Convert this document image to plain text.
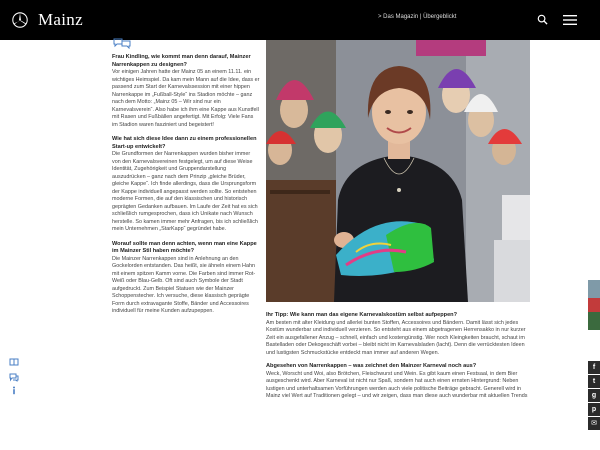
Mainz	> Das Magazin | Übergeblickt
Frau Kindling, wie kommt man denn darauf, Mainzer Narrenkappen zu designen?

Vor einigen Jahren hatte der Mainz 05 an einem 11.11. ein wichtiges Heimspiel. Da kam mein Mann auf die Idee, dass er passend zum Start der Karnevalssession mit einer hippen Narrenkappe im „Fußball-Style“ ins Stadion möchte – ganz nach dem Motto: „Mainz 05 – Wir sind nur ein Karnevalsverein“. Also habe ich ihm eine Kappe aus Kunstfell mit Rasen und Fußbällen angefertigt. Mit Erfolg: Viele Fans im Stadion waren fasziniert und begeistert!

Wie hat sich diese Idee dann zu einem professionellen Start-up entwickelt?

Die Grundformen der Narrenkappen wurden bisher immer von den Karnevalsvereinen festgelegt, um auf diese Weise Identität, Zugehörigkeit und Gruppendarstellung auszudrücken – ganz nach dem Prinzip „gleiche Brüder, gleiche Kappe“. Ich finde allerdings, dass die Ursprungsform der Kappe individuell angepasst werden sollte. So entstehen moderne Formen, die auf den klassischen und historisch geprägten Gedanken aufbauen. Im Laufe der Zeit hat es sich schließlich rumgesprochen, dass ich Unikate nach Wunsch herstelle. So kamen immer mehr Anfragen, bis ich schließlich mein Unternehmen „StarKapp“ gegründet habe.

Worauf sollte man denn achten, wenn man eine Kappe im Mainzer Stil haben möchte?

Die Mainzer Narrenkappen sind in Anlehnung an den Gockelorden entstanden. Das heißt, sie ähneln einem Hahn mit einem spitzen Kamm vorne. Die Farben sind immer Rot-Weiß oder Blau-Gelb. Oft sind auch Symbole der Stadt aufgedruckt. Zum Beispiel Statuen wie der Mainzer Schoppenstecher. Ich versuche, diese klassisch geprägte Form durch extravagante Stoffe, Bänder und Accessoires individuell für meine Kunden aufzupeppen.

Ihr Tipp: Wie kann man das eigene Karnevalskostüm selbst aufpeppen?

Am besten mit alter Kleidung und allerlei bunten Stoffen, Accessoires und Bändern. Damit lässt sich jedes Kostüm wunderbar und individuell verzieren. So entsteht aus einem abgetragenen Herrensakko in nur kurzer Zeit ein ausgefallener Anzug – schnell, einfach und kostengünstig. Wer noch Kleingkeiten braucht, schaut im Bastelladen oder Dekogeschäft vorbei – bleibt nicht im Karnevalsladen (lacht). Denn die verrücktesten Ideen und lustigsten Schmuckstücke entdeckt man immer auf anderen Wegen.

Abgesehen von Narrenkappen – was zeichnet den Mainzer Karneval noch aus?

Weck, Worscht und Woi, also Brötchen, Fleischwurst und Wein. Es gibt kaum einen Festsaal, in dem Bier ausgeschenkt wird. Aber Karneval ist nicht nur Spaß, sondern hat auch einen ernsten Hintergrund: Neben lustigen und unterhaltsamen Vorführungen werden auch viele politische Beiträge gebracht. Generell wird in Mainz viel Wert auf Traditionen gelegt – und wir zeigen, dass man diese auch wunderbar mit aktuellen Trends

f
t
g
p
✉
